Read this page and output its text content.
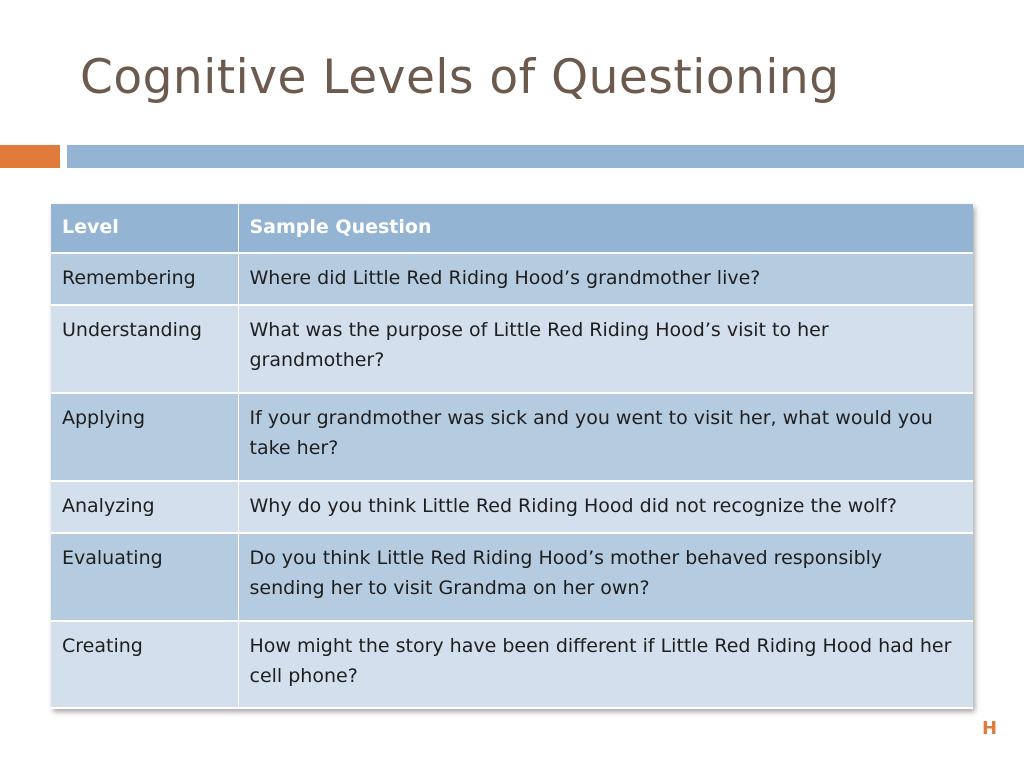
Cognitive Levels of Questioning
Level	Sample Question
Remembering	Where did Little Red Riding Hood’s grandmother live?
Understanding	What was the purpose of Little Red Riding Hood’s visit to her grandmother?
Applying	If your grandmother was sick and you went to visit her, what would you take her?
Analyzing	Why do you think Little Red Riding Hood did not recognize the wolf?
Evaluating	Do you think Little Red Riding Hood’s mother behaved responsibly sending her to visit Grandma on her own?
Creating	How might the story have been different if Little Red Riding Hood had her cell phone?
H
